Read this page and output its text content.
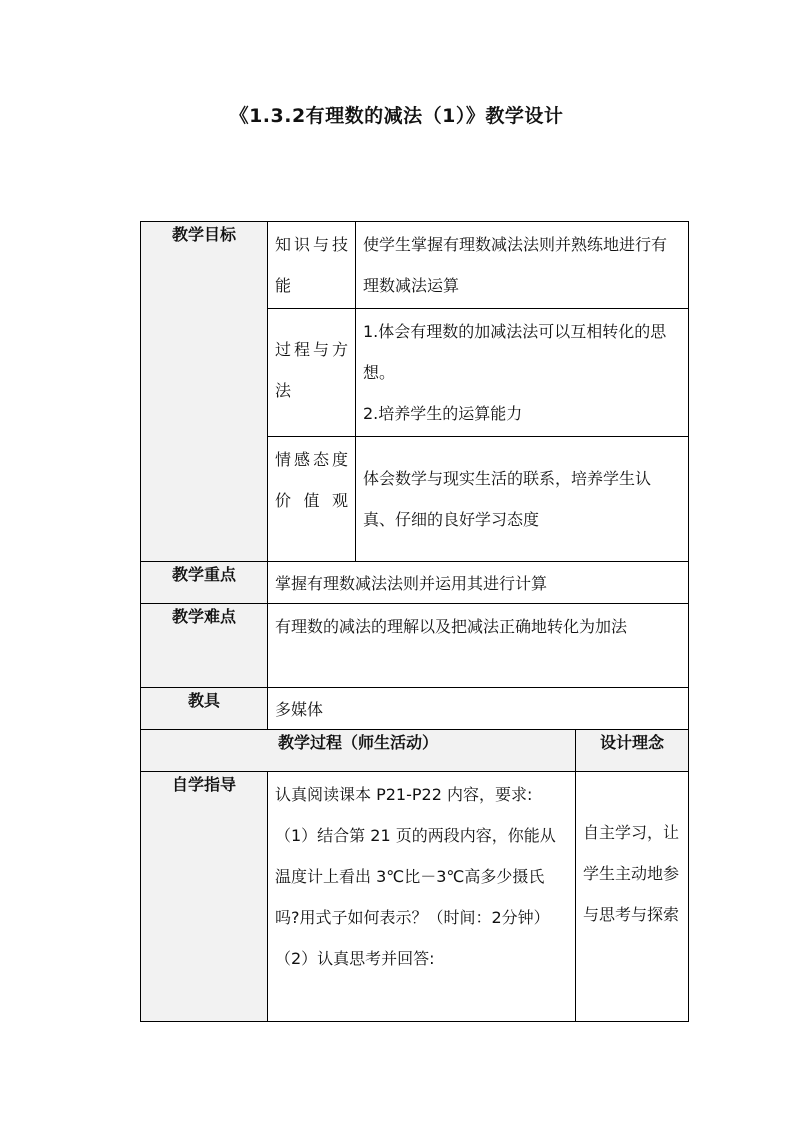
《1.3.2有理数的减法（1）》教学设计
教学目标	知识与技能	使学生掌握有理数减法法则并熟练地进行有理数减法运算	

	过程与方法	1.体会有理数的加减法法可以互相转化的思想。
2.培养学生的运算能力	

	情感态度价值观	体会数学与现实生活的联系，培养学生认真、仔细的良好学习态度	

教学重点	掌握有理数减法法则并运用其进行计算		

教学难点	有理数的减法的理解以及把减法正确地转化为加法		

教具	多媒体		

教学过程（师生活动）			设计理念
自学指导	认真阅读课本 P21-P22 内容，要求:
（1）结合第 21 页的两段内容，你能从温度计上看出 3℃比－3℃高多少摄氏吗?用式子如何表示？（时间：2分钟）
（2）认真思考并回答:		自主学习，让学生主动地参与思考与探索
